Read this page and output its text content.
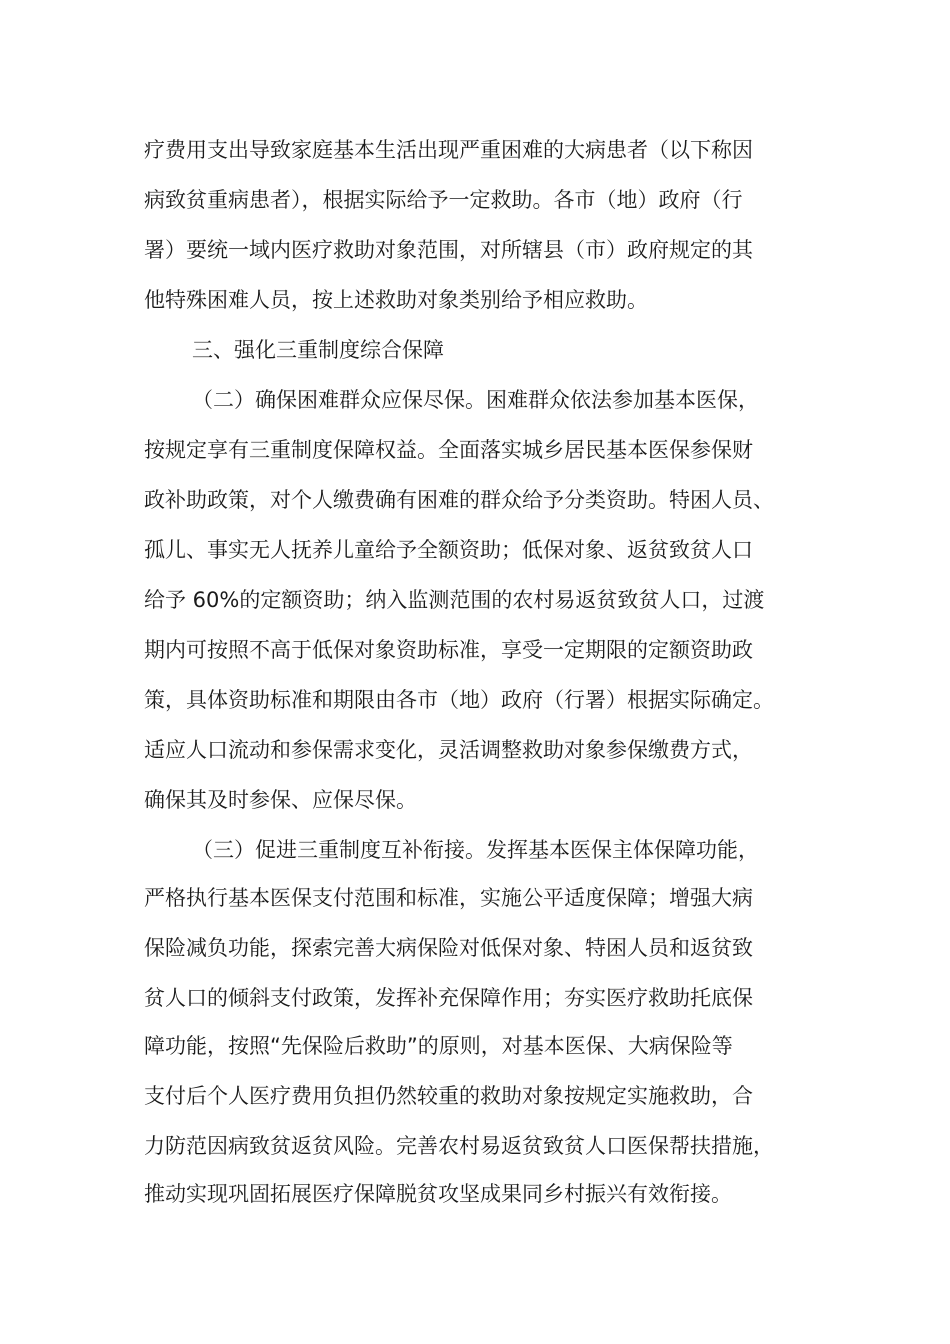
疗费用支出导致家庭基本生活出现严重困难的大病患者（以下称因
病致贫重病患者），根据实际给予一定救助。各市（地）政府（行
署）要统一域内医疗救助对象范围，对所辖县（市）政府规定的其
他特殊困难人员，按上述救助对象类别给予相应救助。
三、强化三重制度综合保障
（二）确保困难群众应保尽保。困难群众依法参加基本医保，
按规定享有三重制度保障权益。全面落实城乡居民基本医保参保财
政补助政策，对个人缴费确有困难的群众给予分类资助。特困人员、
孤儿、事实无人抚养儿童给予全额资助；低保对象、返贫致贫人口
给予 60%的定额资助；纳入监测范围的农村易返贫致贫人口，过渡
期内可按照不高于低保对象资助标准，享受一定期限的定额资助政
策，具体资助标准和期限由各市（地）政府（行署）根据实际确定。
适应人口流动和参保需求变化，灵活调整救助对象参保缴费方式，
确保其及时参保、应保尽保。
（三）促进三重制度互补衔接。发挥基本医保主体保障功能，
严格执行基本医保支付范围和标准，实施公平适度保障；增强大病
保险减负功能，探索完善大病保险对低保对象、特困人员和返贫致
贫人口的倾斜支付政策，发挥补充保障作用；夯实医疗救助托底保
障功能，按照“先保险后救助”的原则，对基本医保、大病保险等
支付后个人医疗费用负担仍然较重的救助对象按规定实施救助，合
力防范因病致贫返贫风险。完善农村易返贫致贫人口医保帮扶措施，
推动实现巩固拓展医疗保障脱贫攻坚成果同乡村振兴有效衔接。
